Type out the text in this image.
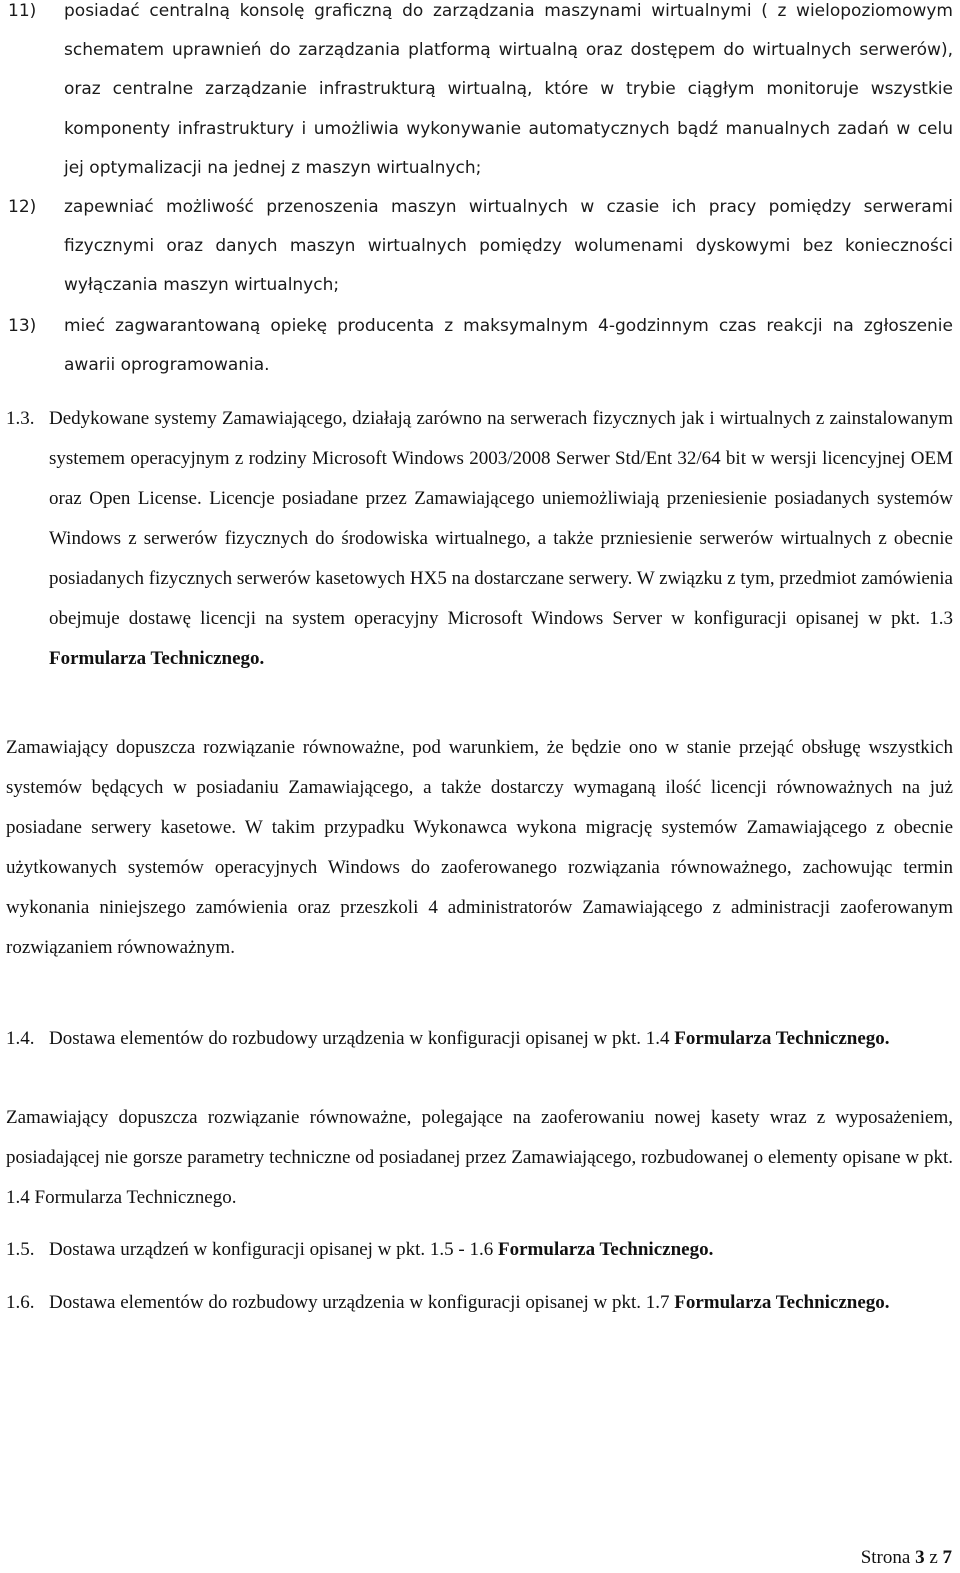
11) posiadać centralną konsolę graficzną do zarządzania maszynami wirtualnymi ( z wielopoziomowym schematem uprawnień do zarządzania platformą wirtualną oraz dostępem do wirtualnych serwerów), oraz centralne zarządzanie infrastrukturą wirtualną, które w trybie ciągłym monitoruje wszystkie komponenty infrastruktury i umożliwia wykonywanie automatycznych bądź manualnych zadań w celu jej optymalizacji na jednej z maszyn wirtualnych;
12) zapewniać możliwość przenoszenia maszyn wirtualnych w czasie ich pracy pomiędzy serwerami fizycznymi oraz danych maszyn wirtualnych pomiędzy wolumenami dyskowymi bez konieczności wyłączania maszyn wirtualnych;
13) mieć zagwarantowaną opiekę producenta z maksymalnym 4-godzinnym czas reakcji na zgłoszenie awarii oprogramowania.
1.3. Dedykowane systemy Zamawiającego, działają zarówno na serwerach fizycznych jak i wirtualnych z zainstalowanym systemem operacyjnym z rodziny Microsoft Windows 2003/2008 Serwer Std/Ent 32/64 bit w wersji licencyjnej OEM oraz Open License. Licencje posiadane przez Zamawiającego uniemożliwiają przeniesienie posiadanych systemów Windows z serwerów fizycznych do środowiska wirtualnego, a także przniesienie serwerów wirtualnych z obecnie posiadanych fizycznych serwerów kasetowych HX5 na dostarczane serwery. W związku z tym, przedmiot zamówienia obejmuje dostawę licencji na system operacyjny Microsoft Windows Server w konfiguracji opisanej w pkt. 1.3 Formularza Technicznego.
Zamawiający dopuszcza rozwiązanie równoważne, pod warunkiem, że będzie ono w stanie przejąć obsługę wszystkich systemów będących w posiadaniu Zamawiającego, a także dostarczy wymaganą ilość licencji równoważnych na już posiadane serwery kasetowe. W takim przypadku Wykonawca wykona migrację systemów Zamawiającego z obecnie użytkowanych systemów operacyjnych Windows do zaoferowanego rozwiązania równoważnego, zachowując termin wykonania niniejszego zamówienia oraz przeszkoli 4 administratorów Zamawiającego z administracji zaoferowanym rozwiązaniem równoważnym.
1.4. Dostawa elementów do rozbudowy urządzenia w konfiguracji opisanej w pkt. 1.4 Formularza Technicznego.
Zamawiający dopuszcza rozwiązanie równoważne, polegające na zaoferowaniu nowej kasety wraz z wyposażeniem, posiadającej nie gorsze parametry techniczne od posiadanej przez Zamawiającego, rozbudowanej o elementy opisane w pkt. 1.4 Formularza Technicznego.
1.5. Dostawa urządzeń w konfiguracji opisanej w pkt. 1.5 - 1.6 Formularza Technicznego.
1.6. Dostawa elementów do rozbudowy urządzenia w konfiguracji opisanej w pkt. 1.7 Formularza Technicznego.
Strona 3 z 7
